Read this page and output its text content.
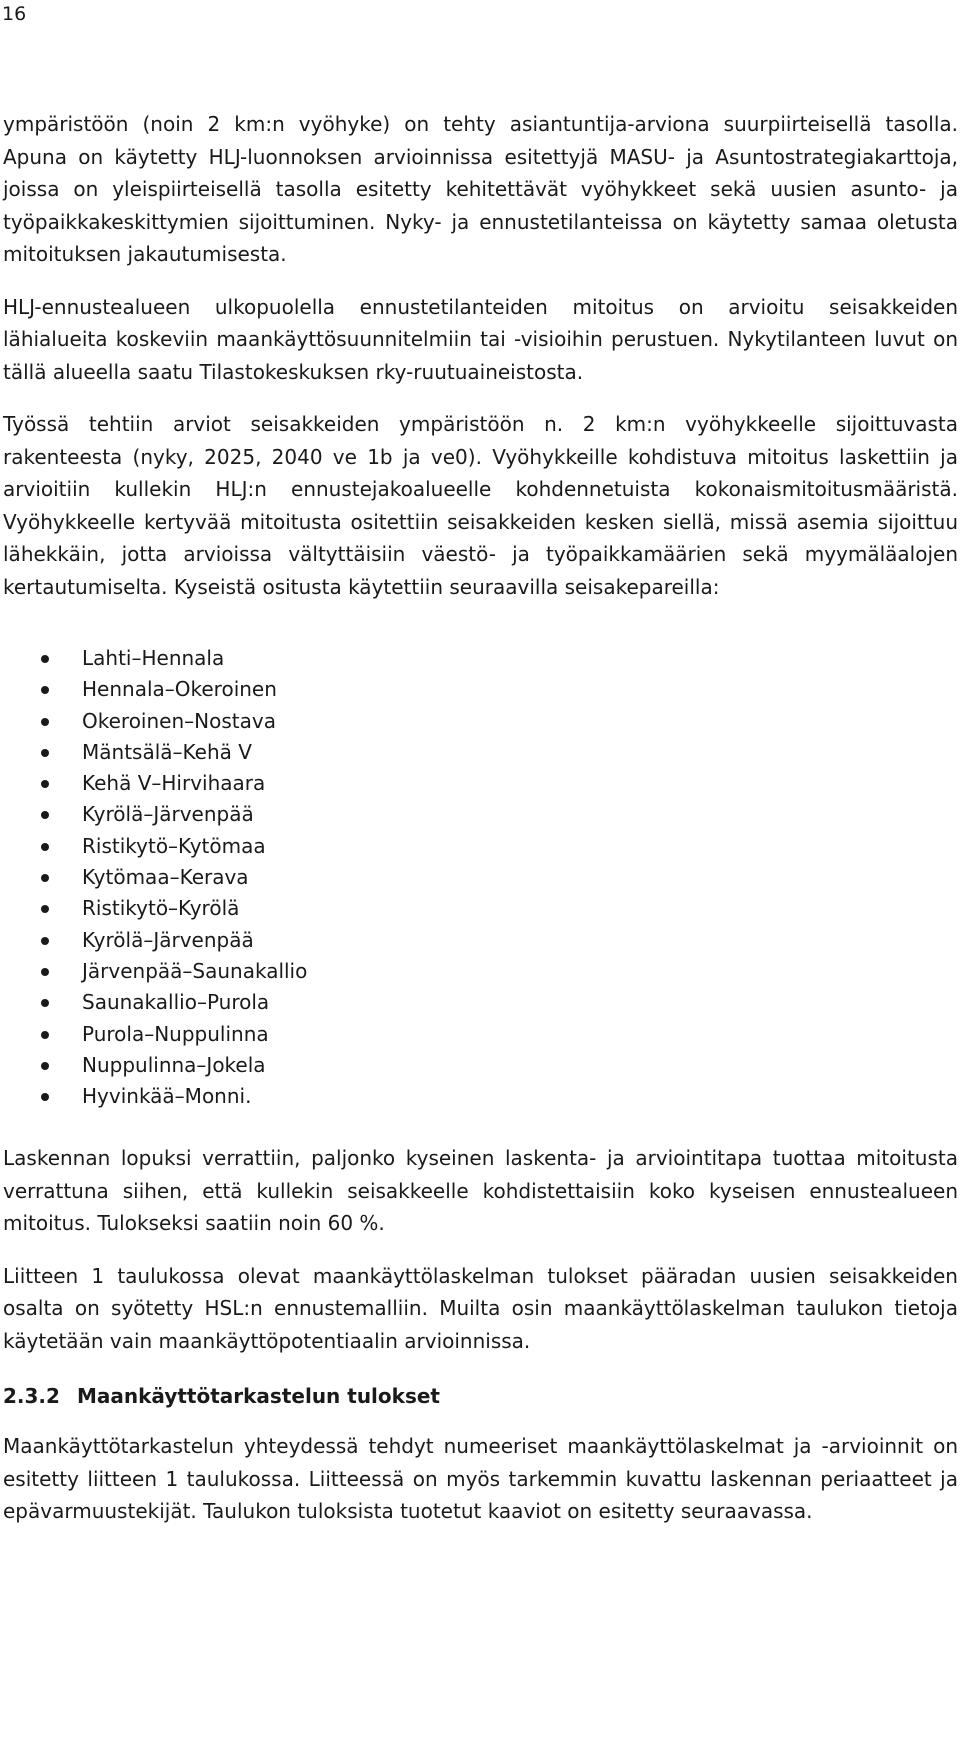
16

ympäristöön (noin 2 km:n vyöhyke) on tehty asiantuntija-arviona suurpiirteisellä tasolla. Apuna on käytetty HLJ-luonnoksen arvioinnissa esitettyjä MASU- ja Asuntostrategiakarttoja, joissa on yleispiirteisellä tasolla esitetty kehitettävät vyöhykkeet sekä uusien asunto- ja työpaikkakeskittymien sijoittuminen. Nyky- ja ennustetilanteissa on käytetty samaa oletusta mitoituksen jakautumisesta.

HLJ-ennustealueen ulkopuolella ennustetilanteiden mitoitus on arvioitu seisakkeiden lähialueita koskeviin maankäyttösuunnitelmiin tai -visioihin perustuen. Nykytilanteen luvut on tällä alueella saatu Tilastokeskuksen rky-ruutuaineistosta.

Työssä tehtiin arviot seisakkeiden ympäristöön n. 2 km:n vyöhykkeelle sijoittuvasta rakenteesta (nyky, 2025, 2040 ve 1b ja ve0). Vyöhykkeille kohdistuva mitoitus laskettiin ja arvioitiin kullekin HLJ:n ennustejakoalueelle kohdennetuista kokonaismitoitusmääristä. Vyöhykkeelle kertyvää mitoitusta ositettiin seisakkeiden kesken siellä, missä asemia sijoittuu lähekkäin, jotta arvioissa vältyttäisiin väestö- ja työpaikkamäärien sekä myymäläalojen kertautumiselta. Kyseistä ositusta käytettiin seuraavilla seisakepareilla:

Lahti–Hennala
Hennala–Okeroinen
Okeroinen–Nostava
Mäntsälä–Kehä V
Kehä V–Hirvihaara
Kyrölä–Järvenpää
Ristikytö–Kytömaa
Kytömaa–Kerava
Ristikytö–Kyrölä
Kyrölä–Järvenpää
Järvenpää–Saunakallio
Saunakallio–Purola
Purola–Nuppulinna
Nuppulinna–Jokela
Hyvinkää–Monni.

Laskennan lopuksi verrattiin, paljonko kyseinen laskenta- ja arviointitapa tuottaa mitoitusta verrattuna siihen, että kullekin seisakkeelle kohdistettaisiin koko kyseisen ennustealueen mitoitus. Tulokseksi saatiin noin 60 %.

Liitteen 1 taulukossa olevat maankäyttölaskelman tulokset pääradan uusien seisakkeiden osalta on syötetty HSL:n ennustemalliin. Muilta osin maankäyttölaskelman taulukon tietoja käytetään vain maankäyttöpotentiaalin arvioinnissa.

2.3.2 Maankäyttötarkastelun tulokset

Maankäyttötarkastelun yhteydessä tehdyt numeeriset maankäyttölaskelmat ja -arvioinnit on esitetty liitteen 1 taulukossa. Liitteessä on myös tarkemmin kuvattu laskennan periaatteet ja epävarmuustekijät. Taulukon tuloksista tuotetut kaaviot on esitetty seuraavassa.
